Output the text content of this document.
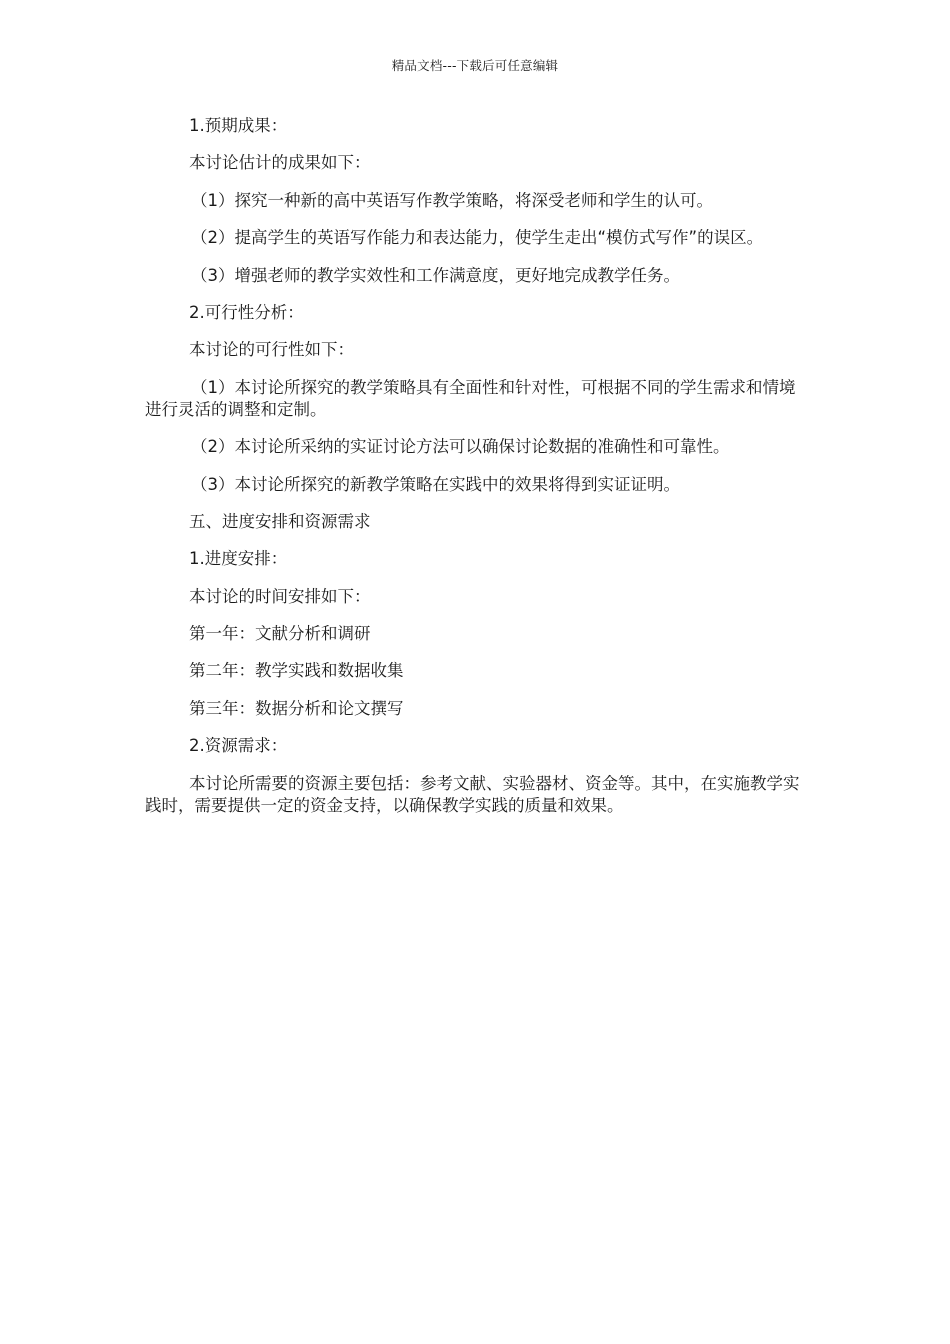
精品文档---下载后可任意编辑

1.预期成果：

本讨论估计的成果如下：

（1）探究一种新的高中英语写作教学策略，将深受老师和学生的认可。

（2）提高学生的英语写作能力和表达能力，使学生走出“模仿式写作”的误区。

（3）增强老师的教学实效性和工作满意度，更好地完成教学任务。

2.可行性分析：

本讨论的可行性如下：

（1）本讨论所探究的教学策略具有全面性和针对性，可根据不同的学生需求和情境进行灵活的调整和定制。

（2）本讨论所采纳的实证讨论方法可以确保讨论数据的准确性和可靠性。

（3）本讨论所探究的新教学策略在实践中的效果将得到实证证明。

五、进度安排和资源需求

1.进度安排：

本讨论的时间安排如下：

第一年：文献分析和调研

第二年：教学实践和数据收集

第三年：数据分析和论文撰写

2.资源需求：

本讨论所需要的资源主要包括：参考文献、实验器材、资金等。其中，在实施教学实践时，需要提供一定的资金支持，以确保教学实践的质量和效果。
